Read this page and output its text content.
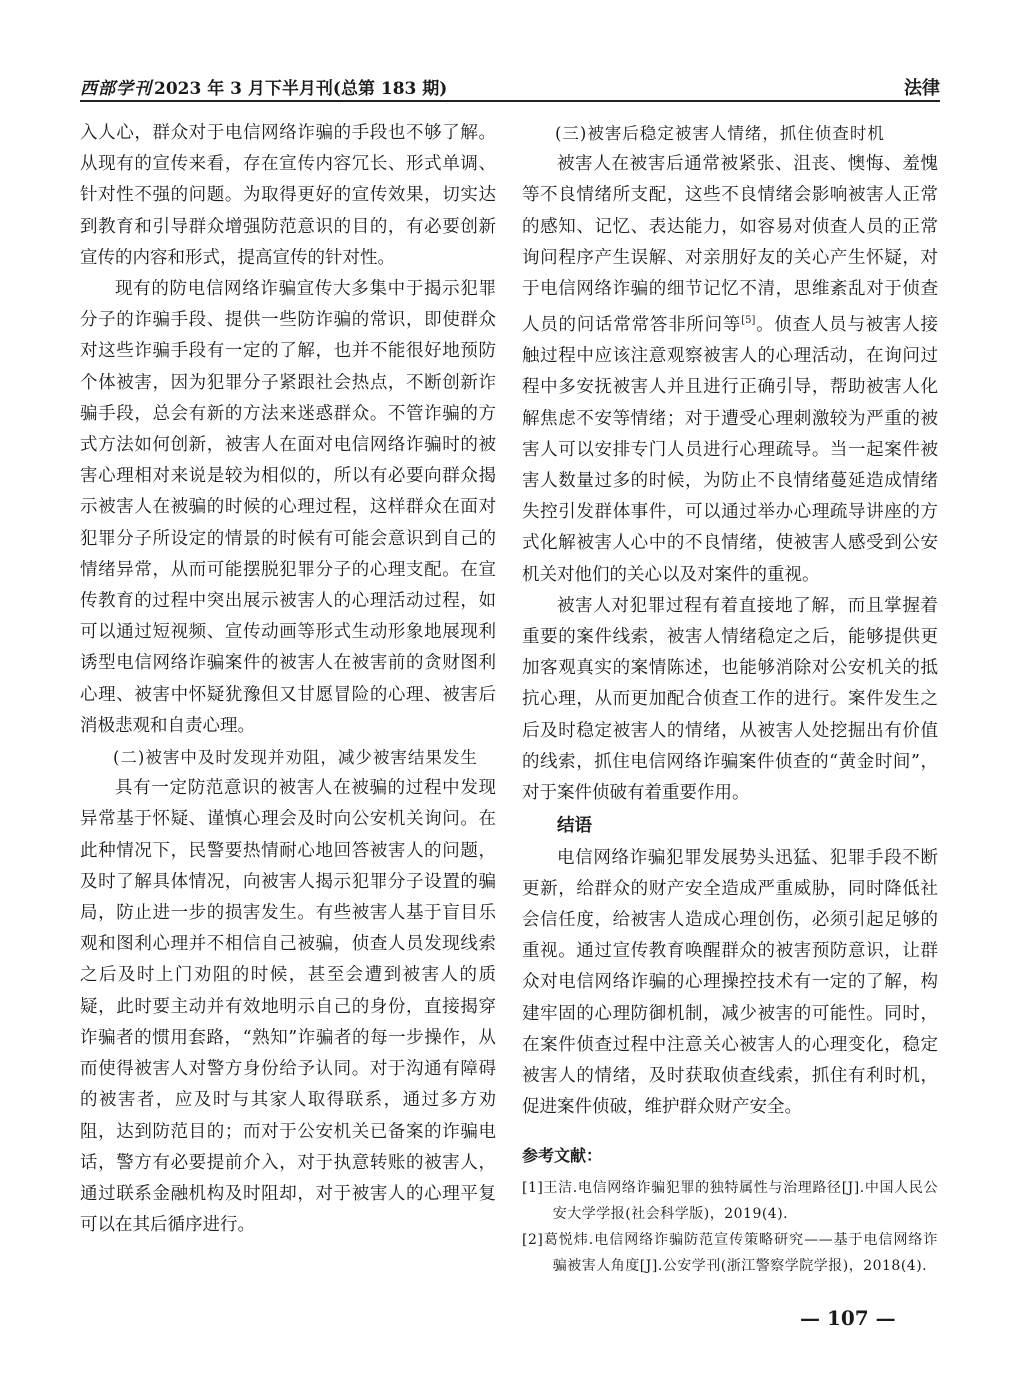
西部学刊 2023 年 3 月下半月刊(总第 183 期)	法律

入人心，群众对于电信网络诈骗的手段也不够了解。从现有的宣传来看，存在宣传内容冗长、形式单调、针对性不强的问题。为取得更好的宣传效果，切实达到教育和引导群众增强防范意识的目的，有必要创新宣传的内容和形式，提高宣传的针对性。

现有的防电信网络诈骗宣传大多集中于揭示犯罪分子的诈骗手段、提供一些防诈骗的常识，即使群众对这些诈骗手段有一定的了解，也并不能很好地预防个体被害，因为犯罪分子紧跟社会热点，不断创新诈骗手段，总会有新的方法来迷惑群众。不管诈骗的方式方法如何创新，被害人在面对电信网络诈骗时的被害心理相对来说是较为相似的，所以有必要向群众揭示被害人在被骗的时候的心理过程，这样群众在面对犯罪分子所设定的情景的时候有可能会意识到自己的情绪异常，从而可能摆脱犯罪分子的心理支配。在宣传教育的过程中突出展示被害人的心理活动过程，如可以通过短视频、宣传动画等形式生动形象地展现利诱型电信网络诈骗案件的被害人在被害前的贪财图利心理、被害中怀疑犹豫但又甘愿冒险的心理、被害后消极悲观和自责心理。

(二)被害中及时发现并劝阻，减少被害结果发生

具有一定防范意识的被害人在被骗的过程中发现异常基于怀疑、谨慎心理会及时向公安机关询问。在此种情况下，民警要热情耐心地回答被害人的问题，及时了解具体情况，向被害人揭示犯罪分子设置的骗局，防止进一步的损害发生。有些被害人基于盲目乐观和图利心理并不相信自己被骗，侦查人员发现线索之后及时上门劝阻的时候，甚至会遭到被害人的质疑，此时要主动并有效地明示自己的身份，直接揭穿诈骗者的惯用套路，“熟知”诈骗者的每一步操作，从而使得被害人对警方身份给予认同。对于沟通有障碍的被害者，应及时与其家人取得联系，通过多方劝阻，达到防范目的；而对于公安机关已备案的诈骗电话，警方有必要提前介入，对于执意转账的被害人，通过联系金融机构及时阻却，对于被害人的心理平复可以在其后循序进行。

(三)被害后稳定被害人情绪，抓住侦查时机

被害人在被害后通常被紧张、沮丧、懊悔、羞愧等不良情绪所支配，这些不良情绪会影响被害人正常的感知、记忆、表达能力，如容易对侦查人员的正常询问程序产生误解、对亲朋好友的关心产生怀疑，对于电信网络诈骗的细节记忆不清，思维紊乱对于侦查人员的问话常常答非所问等[5]。侦查人员与被害人接触过程中应该注意观察被害人的心理活动，在询问过程中多安抚被害人并且进行正确引导，帮助被害人化解焦虑不安等情绪；对于遭受心理刺激较为严重的被害人可以安排专门人员进行心理疏导。当一起案件被害人数量过多的时候，为防止不良情绪蔓延造成情绪失控引发群体事件，可以通过举办心理疏导讲座的方式化解被害人心中的不良情绪，使被害人感受到公安机关对他们的关心以及对案件的重视。

被害人对犯罪过程有着直接地了解，而且掌握着重要的案件线索，被害人情绪稳定之后，能够提供更加客观真实的案情陈述，也能够消除对公安机关的抵抗心理，从而更加配合侦查工作的进行。案件发生之后及时稳定被害人的情绪，从被害人处挖掘出有价值的线索，抓住电信网络诈骗案件侦查的“黄金时间”，对于案件侦破有着重要作用。

结语

电信网络诈骗犯罪发展势头迅猛、犯罪手段不断更新，给群众的财产安全造成严重威胁，同时降低社会信任度，给被害人造成心理创伤，必须引起足够的重视。通过宣传教育唤醒群众的被害预防意识，让群众对电信网络诈骗的心理操控技术有一定的了解，构建牢固的心理防御机制，减少被害的可能性。同时，在案件侦查过程中注意关心被害人的心理变化，稳定被害人的情绪，及时获取侦查线索，抓住有利时机，促进案件侦破，维护群众财产安全。

参考文献：

[1]王洁.电信网络诈骗犯罪的独特属性与治理路径[J].中国人民公安大学学报(社会科学版)，2019(4).

[2]葛悦炜.电信网络诈骗防范宣传策略研究——基于电信网络诈骗被害人角度[J].公安学刊(浙江警察学院学报)，2018(4).

— 107 —
